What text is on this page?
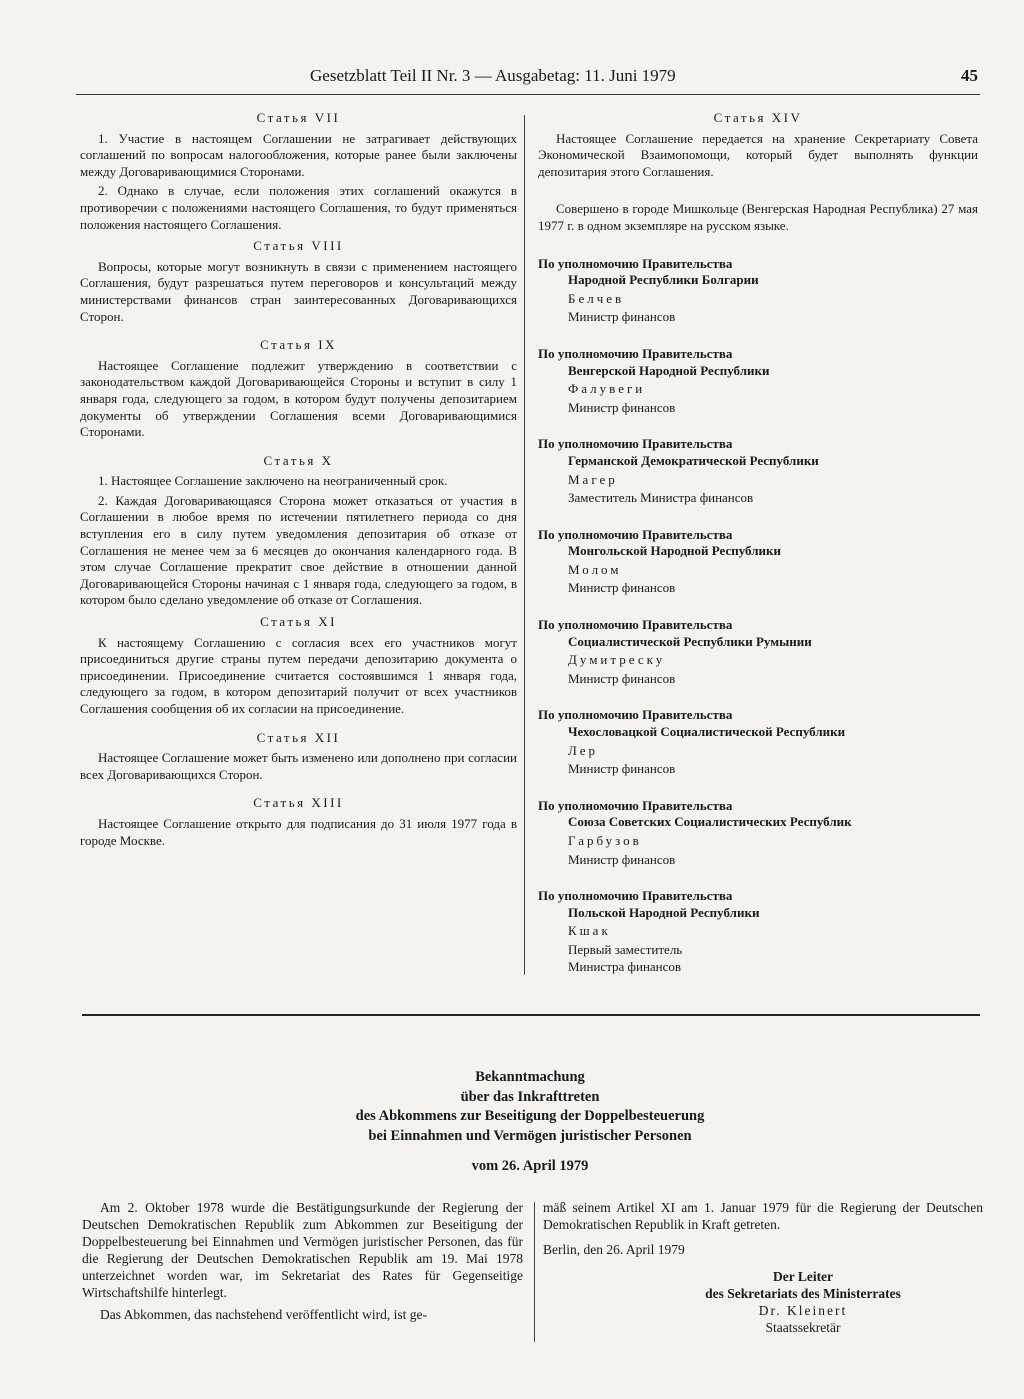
Gesetzblatt Teil II Nr. 3 — Ausgabetag: 11. Juni 1979	45
Статья VII

1. Участие в настоящем Соглашении не затрагивает действующих соглашений по вопросам налогообложения, которые ранее были заключены между Договаривающимися Сторонами.

2. Однако в случае, если положения этих соглашений окажутся в противоречии с положениями настоящего Соглашения, то будут применяться положения настоящего Соглашения.

Статья VIII

Вопросы, которые могут возникнуть в связи с применением настоящего Соглашения, будут разрешаться путем переговоров и консультаций между министерствами финансов стран заинтересованных Договаривающихся Сторон.

Статья IX

Настоящее Соглашение подлежит утверждению в соответствии с законодательством каждой Договаривающейся Стороны и вступит в силу 1 января года, следующего за годом, в котором будут получены депозитарием документы об утверждении Соглашения всеми Договаривающимися Сторонами.

Статья X

1. Настоящее Соглашение заключено на неограниченный срок.

2. Каждая Договаривающаяся Сторона может отказаться от участия в Соглашении в любое время по истечении пятилетнего периода со дня вступления его в силу путем уведомления депозитария об отказе от Соглашения не менее чем за 6 месяцев до окончания календарного года. В этом случае Соглашение прекратит свое действие в отношении данной Договаривающейся Стороны начиная с 1 января года, следующего за годом, в котором было сделано уведомление об отказе от Соглашения.

Статья XI

К настоящему Соглашению с согласия всех его участников могут присоединиться другие страны путем передачи депозитарию документа о присоединении. Присоединение считается состоявшимся 1 января года, следующего за годом, в котором депозитарий получит от всех участников Соглашения сообщения об их согласии на присоединение.

Статья XII

Настоящее Соглашение может быть изменено или дополнено при согласии всех Договаривающихся Сторон.

Статья XIII

Настоящее Соглашение открыто для подписания до 31 июля 1977 года в городе Москве.

Статья XIV

Настоящее Соглашение передается на хранение Секретариату Совета Экономической Взаимопомощи, который будет выполнять функции депозитария этого Соглашения.

Совершено в городе Мишкольце (Венгерская Народная Республика) 27 мая 1977 г. в одном экземпляре на русском языке.

По уполномочию Правительства
Народной Республики Болгарии
Белчев
Министр финансов
По уполномочию Правительства
Венгерской Народной Республики
Фалувеги
Министр финансов
По уполномочию Правительства
Германской Демократической Республики
Магер
Заместитель Министра финансов
По уполномочию Правительства
Монгольской Народной Республики
Молом
Министр финансов
По уполномочию Правительства
Социалистической Республики Румынии
Думитреску
Министр финансов
По уполномочию Правительства
Чехословацкой Социалистической Республики
Лер
Министр финансов
По уполномочию Правительства
Союза Советских Социалистических Республик
Гарбузов
Министр финансов
По уполномочию Правительства
Польской Народной Республики
Кшак
Первый заместитель
Министра финансов
Bekanntmachung
über das Inkrafttreten
des Abkommens zur Beseitigung der Doppelbesteuerung
bei Einnahmen und Vermögen juristischer Personen
vom 26. April 1979

Am 2. Oktober 1978 wurde die Bestätigungsurkunde der Regierung der Deutschen Demokratischen Republik zum Abkommen zur Beseitigung der Doppelbesteuerung bei Einnahmen und Vermögen juristischer Personen, das für die Regierung der Deutschen Demokratischen Republik am 19. Mai 1978 unterzeichnet worden war, im Sekretariat des Rates für Gegenseitige Wirtschaftshilfe hinterlegt.

Das Abkommen, das nachstehend veröffentlicht wird, ist ge-

mäß seinem Artikel XI am 1. Januar 1979 für die Regierung der Deutschen Demokratischen Republik in Kraft getreten.

Berlin, den 26. April 1979

Der Leiter
des Sekretariats des Ministerrates
Dr. Kleinert
Staatssekretär
